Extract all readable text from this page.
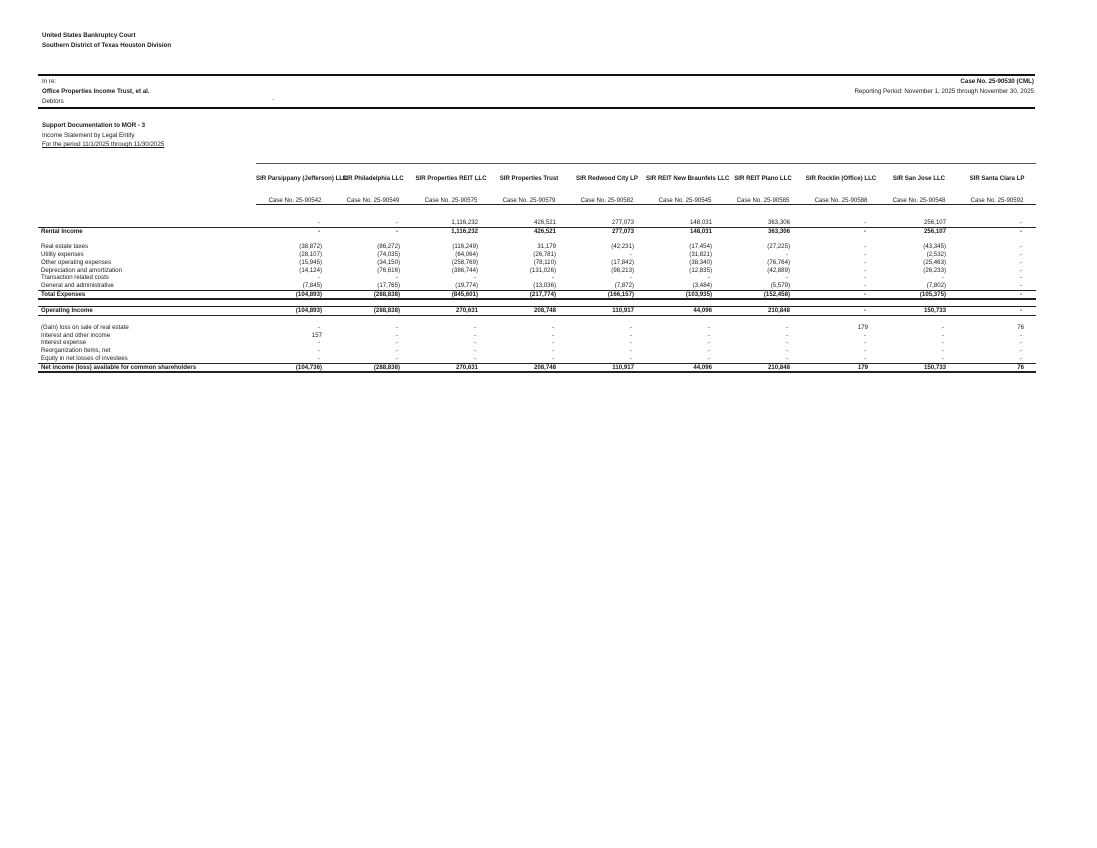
United States Bankruptcy Court
Southern District of Texas Houston Division
In re:
Office Properties Income Trust, et al.
Debtors
Case No. 25-90530 (CML)
Reporting Period: November 1, 2025 through November 30, 2025
.
Support Documentation to MOR - 3
Income Statement by Legal Entity
For the period 11/1/2025 through 11/30/2025
	SIR Parsippany (Jefferson) LLC	SIR Philadelphia LLC	SIR Properties REIT LLC	SIR Properties Trust	SIR Redwood City LP	SIR REIT New Braunfels LLC	SIR REIT Plano LLC	SIR Rocklin (Office) LLC	SIR San Jose LLC	SIR Santa Clara LP
	Case No. 25-90542	Case No. 25-90549	Case No. 25-90575	Case No. 25-90579	Case No. 25-90582	Case No. 25-90545	Case No. 25-90585	Case No. 25-90588	Case No. 25-90548	Case No. 25-90592

	-	-	1,116,232	426,521	277,073	148,031	363,306	-	256,107	-
Rental Income	-	-	1,116,232	426,521	277,073	148,031	363,306	-	256,107	-

Real estate taxes	(38,872)	(86,272)	(116,249)	31,179	(42,231)	(17,454)	(27,225)	-	(43,345)	-
Utility expenses	(28,107)	(74,035)	(64,064)	(26,781)	-	(31,821)	-	-	(2,532)	-
Other operating expenses	(15,945)	(34,150)	(258,769)	(78,110)	(17,842)	(38,340)	(76,764)	-	(25,463)	-
Depreciation and amortization	(14,124)	(76,616)	(386,744)	(131,026)	(98,213)	(12,835)	(42,889)	-	(26,233)	-
Transaction related costs	-	-	-	-	-	-	-	-	-	-
General and administrative	(7,845)	(17,765)	(19,774)	(13,036)	(7,872)	(3,484)	(5,579)	-	(7,802)	-
Total Expenses	(104,893)	(288,838)	(845,601)	(217,774)	(166,157)	(103,935)	(152,458)	-	(105,375)	-

Operating Income	(104,893)	(288,838)	270,631	208,748	110,917	44,096	210,848	-	150,733	-

(Gain) loss on sale of real estate	-	-	-	-	-	-	-	179	-	76
Interest and other income	157	-	-	-	-	-	-	-	-	-
Interest expense	-	-	-	-	-	-	-	-	-	-
Reorganization Items, net	-	-	-	-	-	-	-	-	-	-
Equity in net losses of investees	-	-	-	-	-	-	-	-	-	-
Net income (loss) available for common shareholders	(104,736)	(288,838)	270,631	208,748	110,917	44,096	210,848	179	150,733	76
